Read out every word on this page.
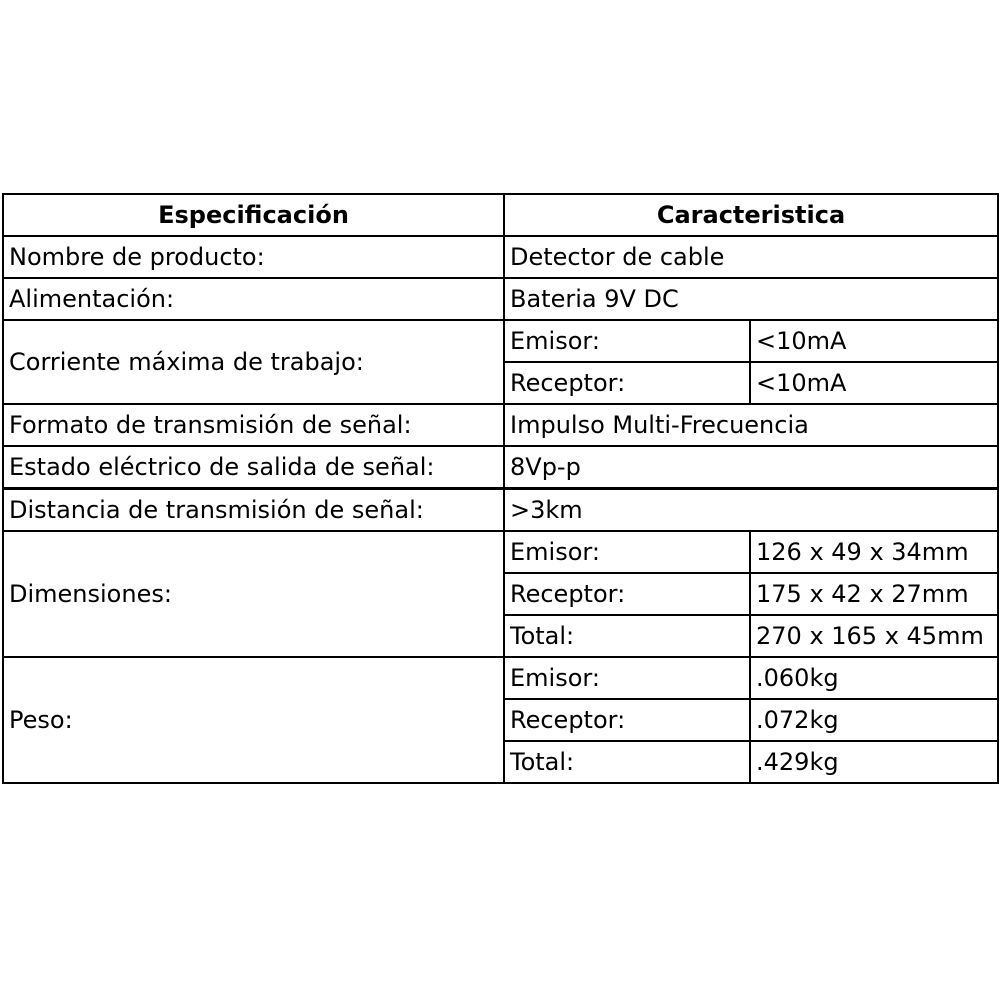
Especificación	Caracteristica	
Nombre de producto:	Detector de cable	
Alimentación:	Bateria 9V DC	
Corriente máxima de trabajo:	Emisor:	<10mA
	Receptor:	<10mA
Formato de transmisión de señal:	Impulso Multi-Frecuencia	
Estado eléctrico de salida de señal:	8Vp-p	
Distancia de transmisión de señal:	>3km	
Dimensiones:	Emisor:	126 x 49 x 34mm
	Receptor:	175 x 42 x 27mm
	Total:	270 x 165 x 45mm
Peso:	Emisor:	.060kg
	Receptor:	.072kg
	Total:	.429kg
